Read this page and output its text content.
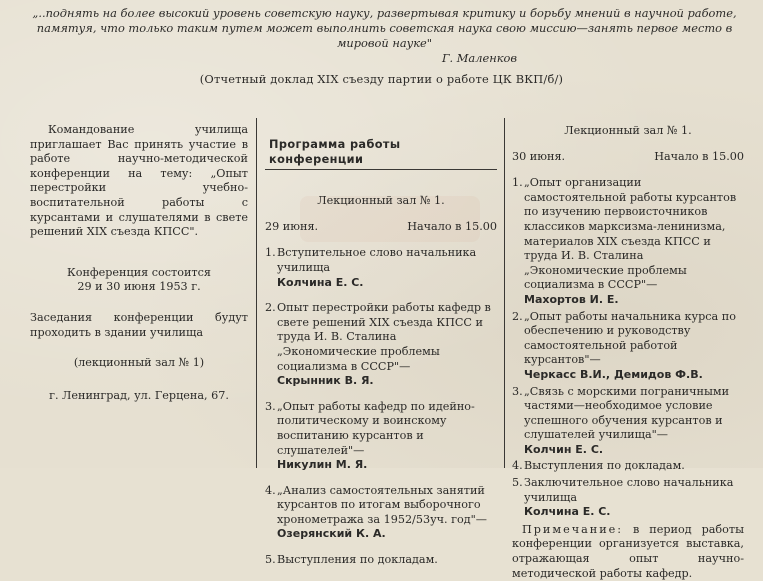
„..поднять на более высокий уровень советскую науку, развертывая критику и борьбу мнений в научной работе, памятуя, что только таким путем может выполнить советская наука свою миссию—занять первое место в мировой науке"
Г. Маленков
(Отчетный доклад XIX съезду партии о работе ЦК ВКП/б/)

Командование училища приглашает Вас принять участие в работе научно-методической конференции на тему: „Опыт перестройки учебно-воспитательной работы с курсантами и слушателями в свете решений XIX съезда КПСС".

Конференция состоится

29 и 30 июня 1953 г.

Заседания конференции будут проходить в здании училища

(лекционный зал № 1)

г. Ленинград, ул. Герцена, 67.

Программа работы конференции
Лекционный зал № 1.
29 июня.	Начало в 15.00
1. Вступительное слово начальника училища
Колчина Е. С.
2. Опыт перестройки работы кафедр в свете решений XIX съезда КПСС и труда И. В. Сталина „Экономические проблемы социализма в СССР"—
Скрынник В. Я.
3. „Опыт работы кафедр по идейно-политическому и воинскому воспитанию курсантов и слушателей"—
Никулин М. Я.
4. „Анализ самостоятельных занятий курсантов по итогам выборочного хронометража за 1952/53уч. год"—
Озерянский К. А.
5. Выступления по докладам.
Лекционный зал № 1.
30 июня.	Начало в 15.00
1. „Опыт организации самостоятельной работы курсантов по изучению первоисточников классиков марксизма-ленинизма, материалов XIX съезда КПСС и труда И. В. Сталина „Экономические проблемы социализма в СССР"—
Махортов И. Е.
2. „Опыт работы начальника курса по обеспечению и руководству самостоятельной работой курсантов"—
Черкасс В.И., Демидов Ф.В.
3. „Связь с морскими пограничными частями—необходимое условие успешного обучения курсантов и слушателей училища"—
Колчин Е. С.
4. Выступления по докладам.
5. Заключительное слово начальника училища
Колчина Е. С.
Примечание: в период работы конференции организуется выставка, отражающая опыт научно-методической работы кафедр.
